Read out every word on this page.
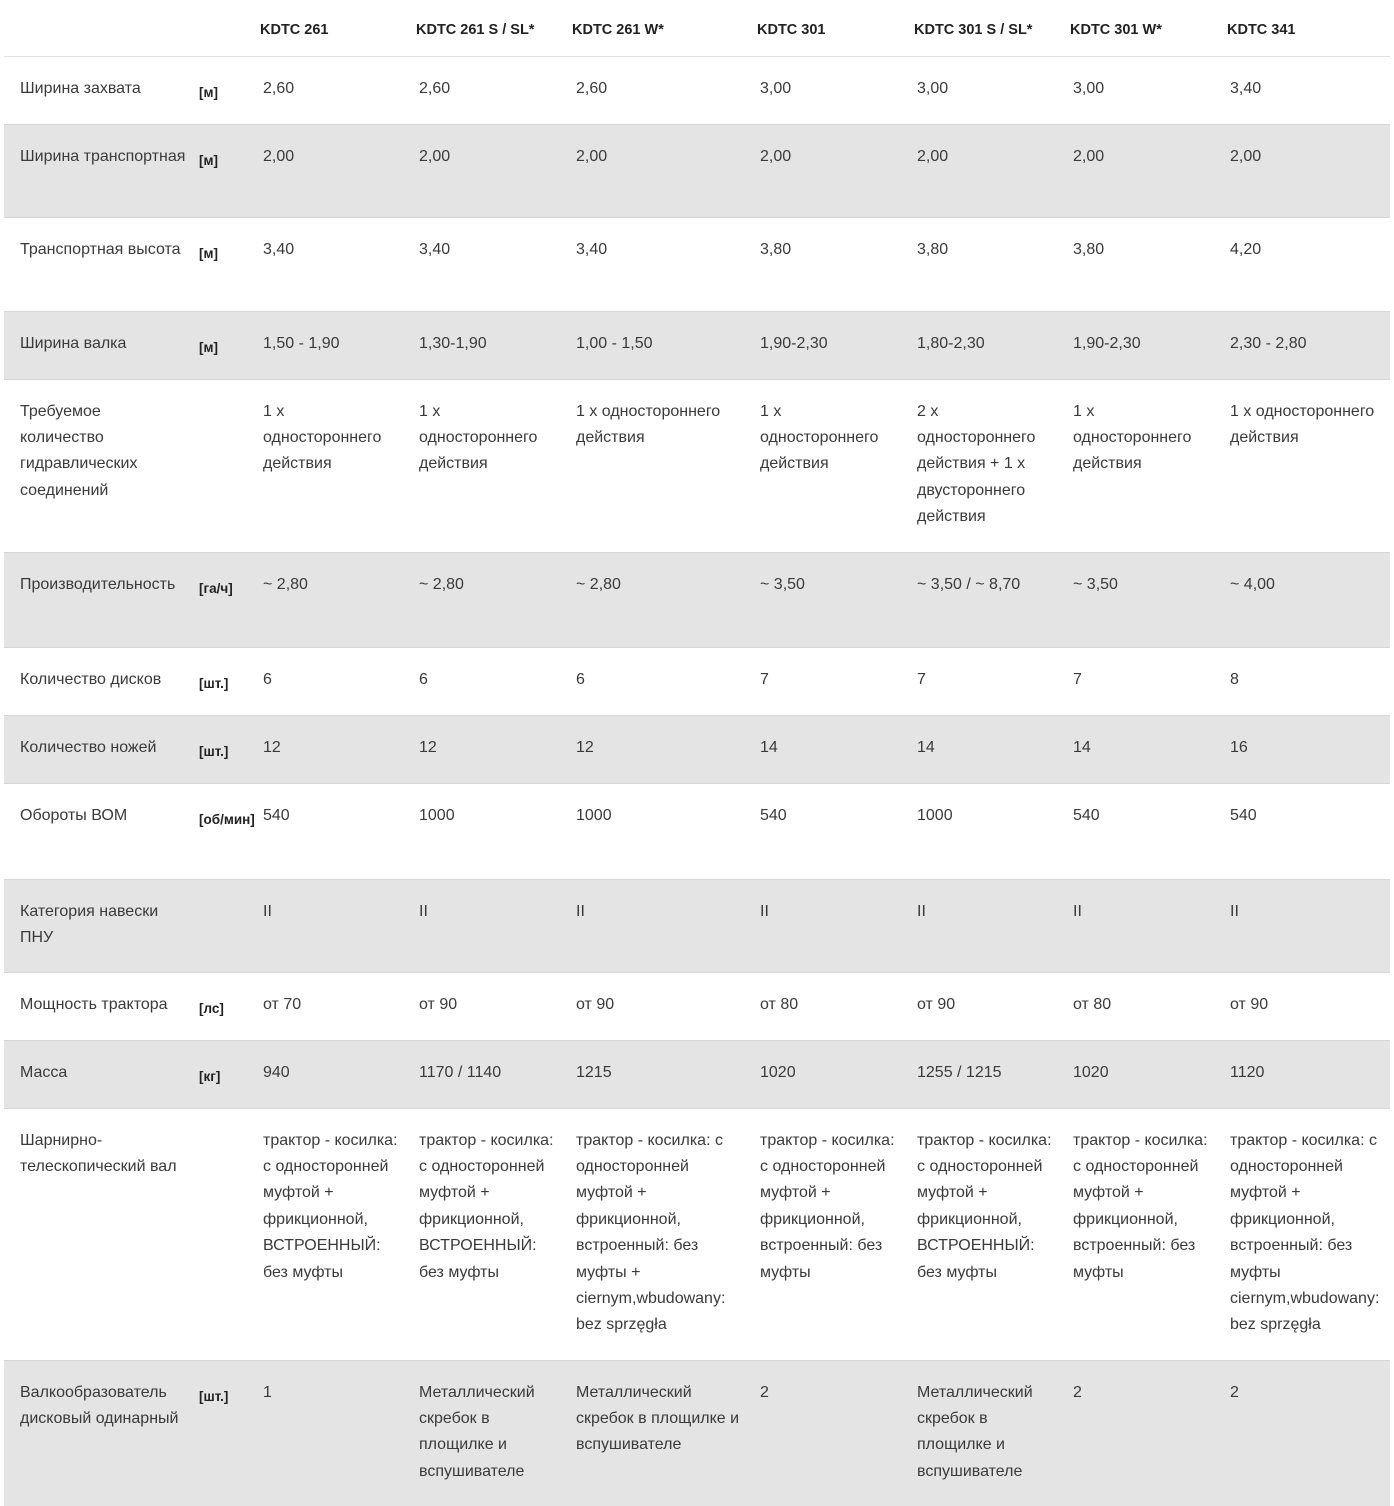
		KDTC 261	KDTC 261 S / SL*	KDTC 261 W*	KDTC 301	KDTC 301 S / SL*	KDTC 301 W*	KDTC 341
Ширина захвата	[м]	2,60	2,60	2,60	3,00	3,00	3,00	3,40
Ширина транспортная	[м]	2,00	2,00	2,00	2,00	2,00	2,00	2,00
Транспортная высота	[м]	3,40	3,40	3,40	3,80	3,80	3,80	4,20
Ширина валка	[м]	1,50 - 1,90	1,30-1,90	1,00 - 1,50	1,90-2,30	1,80-2,30	1,90-2,30	2,30 - 2,80
Требуемое количество гидравлических соединений		1 x одностороннего действия	1 x одностороннего действия	1 x одностороннего действия	1 x одностороннего действия	2 x одностороннего действия + 1 x двустороннего действия	1 x одностороннего действия	1 x одностороннего действия
Производительность	[га/ч]	~ 2,80	~ 2,80	~ 2,80	~ 3,50	~ 3,50 / ~ 8,70	~ 3,50	~ 4,00
Количество дисков	[шт.]	6	6	6	7	7	7	8
Количество ножей	[шт.]	12	12	12	14	14	14	16
Обороты ВОМ	[об/мин]	540	1000	1000	540	1000	540	540
Категория навески ПНУ		II	II	II	II	II	II	II
Мощность трактора	[лс]	от 70	от 90	от 90	от 80	от 90	от 80	от 90
Масса	[кг]	940	1170 / 1140	1215	1020	1255 / 1215	1020	1120
Шарнирно-телескопический вал		трактор - косилка: с односторонней муфтой + фрикционной, ВСТРОЕННЫЙ: без муфты	трактор - косилка: с односторонней муфтой + фрикционной, ВСТРОЕННЫЙ: без муфты	трактор - косилка: с односторонней муфтой + фрикционной, встроенный: без муфты + ciernym,wbudowany: bez sprzęgła	трактор - косилка: с односторонней муфтой + фрикционной, встроенный: без муфты	трактор - косилка: с односторонней муфтой + фрикционной, ВСТРОЕННЫЙ: без муфты	трактор - косилка: с односторонней муфтой + фрикционной, встроенный: без муфты	трактор - косилка: с односторонней муфтой + фрикционной, встроенный: без муфты ciernym,wbudowany: bez sprzęgła
Валкообразователь дисковый одинарный	[шт.]	1	Металлический скребок в площилке и вспушивателе	Металлический скребок в площилке и вспушивателе	2	Металлический скребок в площилке и вспушивателе	2	2
